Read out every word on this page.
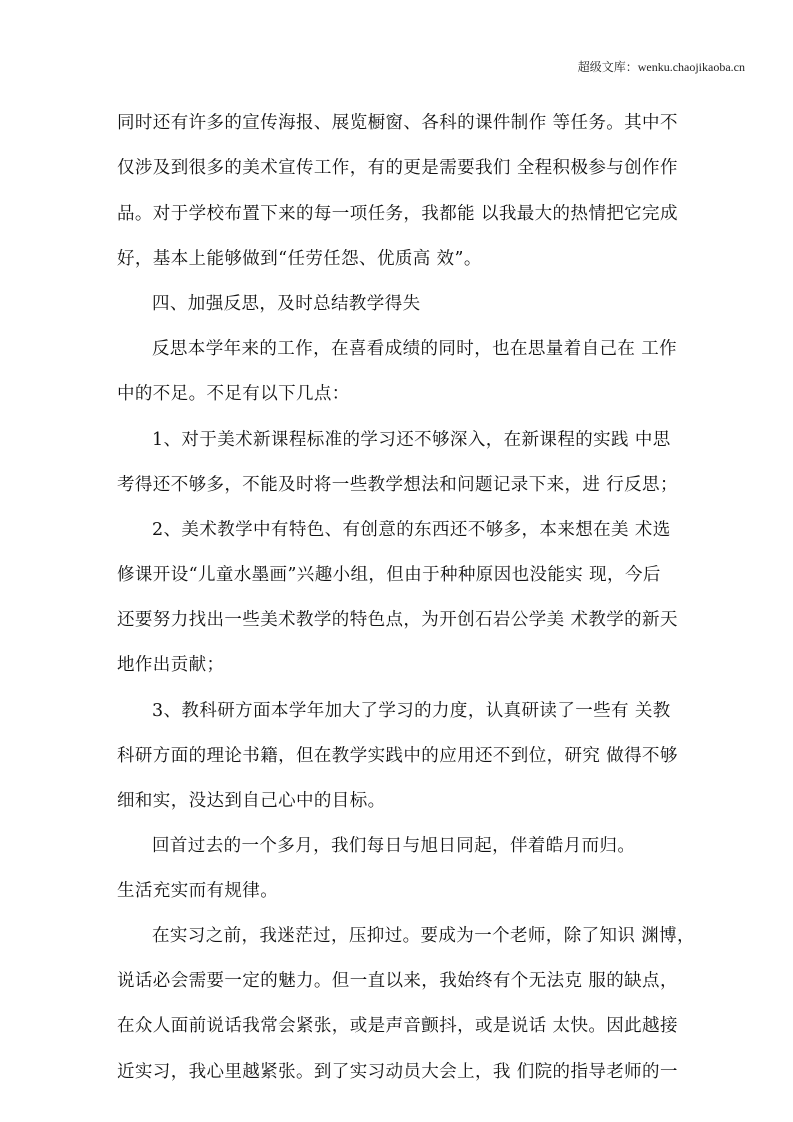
超级文库：wenku.chaojikaoba.cn
同时还有许多的宣传海报、展览橱窗、各科的课件制作 等任务。其中不
仅涉及到很多的美术宣传工作，有的更是需要我们 全程积极参与创作作
品。对于学校布置下来的每一项任务，我都能 以我最大的热情把它完成
好，基本上能够做到“任劳任怨、优质高 效”。
四、加强反思，及时总结教学得失
反思本学年来的工作，在喜看成绩的同时，也在思量着自己在 工作
中的不足。不足有以下几点：
1、对于美术新课程标准的学习还不够深入，在新课程的实践 中思
考得还不够多，不能及时将一些教学想法和问题记录下来，进 行反思；
2、美术教学中有特色、有创意的东西还不够多，本来想在美 术选
修课开设“儿童水墨画”兴趣小组，但由于种种原因也没能实 现，今后
还要努力找出一些美术教学的特色点，为开创石岩公学美 术教学的新天
地作出贡献；
3、教科研方面本学年加大了学习的力度，认真研读了一些有 关教
科研方面的理论书籍，但在教学实践中的应用还不到位，研究 做得不够
细和实，没达到自己心中的目标。
回首过去的一个多月，我们每日与旭日同起，伴着皓月而归。
生活充实而有规律。
在实习之前，我迷茫过，压抑过。要成为一个老师，除了知识 渊博，
说话必会需要一定的魅力。但一直以来，我始终有个无法克 服的缺点，
在众人面前说话我常会紧张，或是声音颤抖，或是说话 太快。因此越接
近实习，我心里越紧张。到了实习动员大会上，我 们院的指导老师的一
